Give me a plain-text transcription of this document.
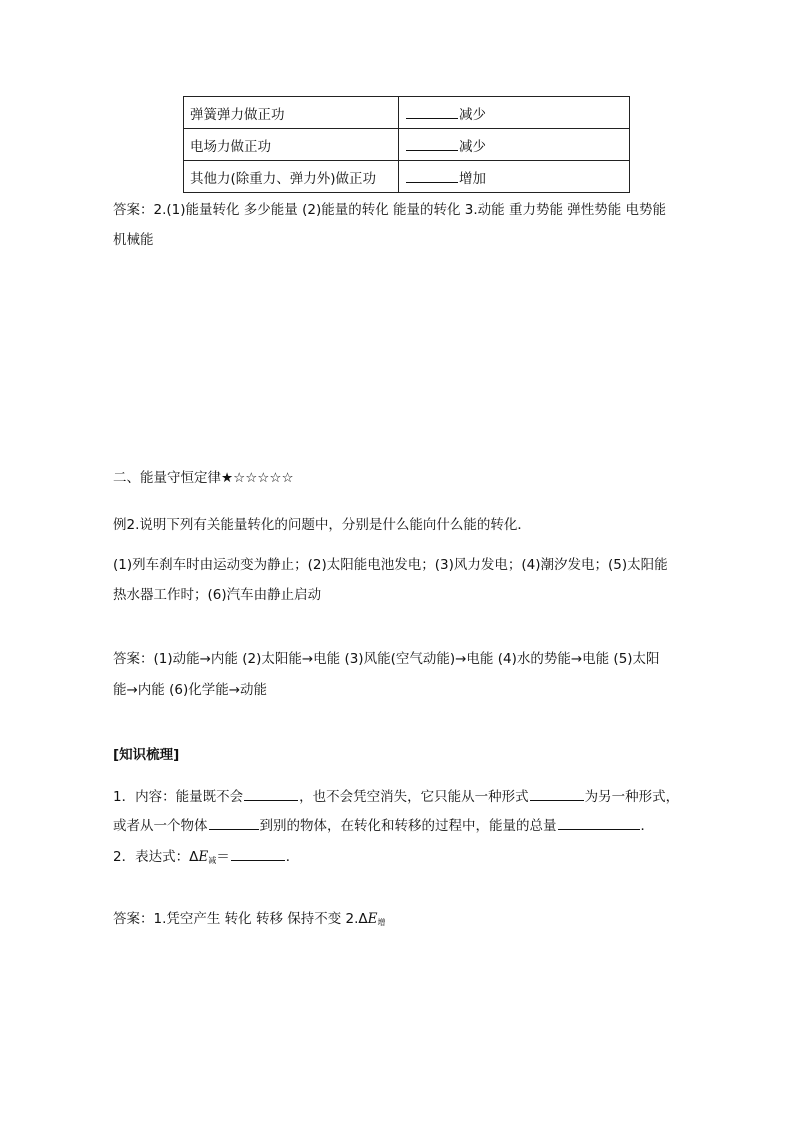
弹簧弹力做正功	减少
电场力做正功	减少
其他力(除重力、弹力外)做正功	增加
答案：2.(1)能量转化 多少能量 (2)能量的转化 能量的转化 3.动能 重力势能 弹性势能 电势能
机械能
二、能量守恒定律★☆☆☆☆☆
例2.说明下列有关能量转化的问题中，分别是什么能向什么能的转化．
(1)列车刹车时由运动变为静止；(2)太阳能电池发电；(3)风力发电；(4)潮汐发电；(5)太阳能
热水器工作时；(6)汽车由静止启动
答案：(1)动能→内能 (2)太阳能→电能 (3)风能(空气动能)→电能 (4)水的势能→电能 (5)太阳
能→内能 (6)化学能→动能
[知识梳理]
1．内容：能量既不会	，也不会凭空消失，它只能从一种形式	为另一种形式，
或者从一个物体	到别的物体，在转化和转移的过程中，能量的总量	．
2．表达式：$\Delta E_减=$	．
答案：1.凭空产生 转化 转移 保持不变 $2.\Delta E_增$
